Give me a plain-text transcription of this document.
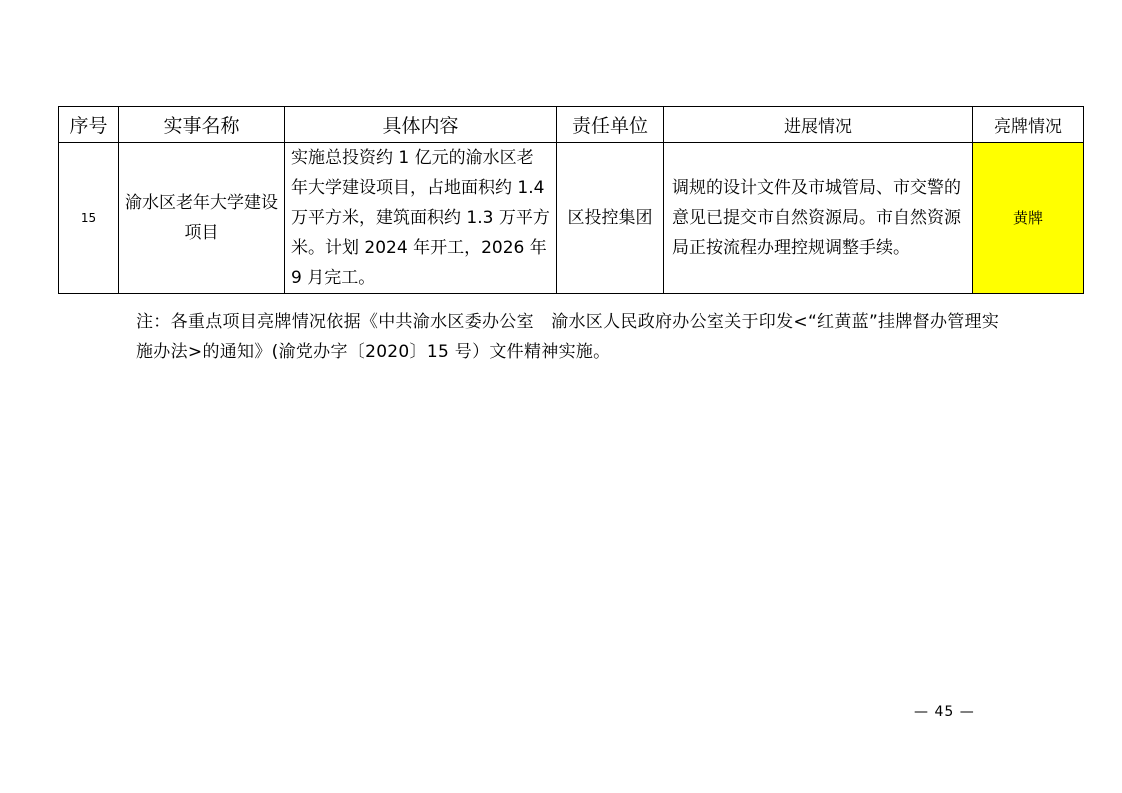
序号	实事名称	具体内容	责任单位	进展情况	亮牌情况
15	渝水区老年大学建设项目	实施总投资约 1 亿元的渝水区老年大学建设项目，占地面积约 1.4 万平方米，建筑面积约 1.3 万平方米。计划 2024 年开工，2026 年 9 月完工。	区投控集团	调规的设计文件及市城管局、市交警的意见已提交市自然资源局。市自然资源局正按流程办理控规调整手续。	黄牌
注：各重点项目亮牌情况依据《中共渝水区委办公室　渝水区人民政府办公室关于印发<“红黄蓝”挂牌督办管理实施办法>的通知》(渝党办字〔2020〕15 号）文件精神实施。
— 45 —
